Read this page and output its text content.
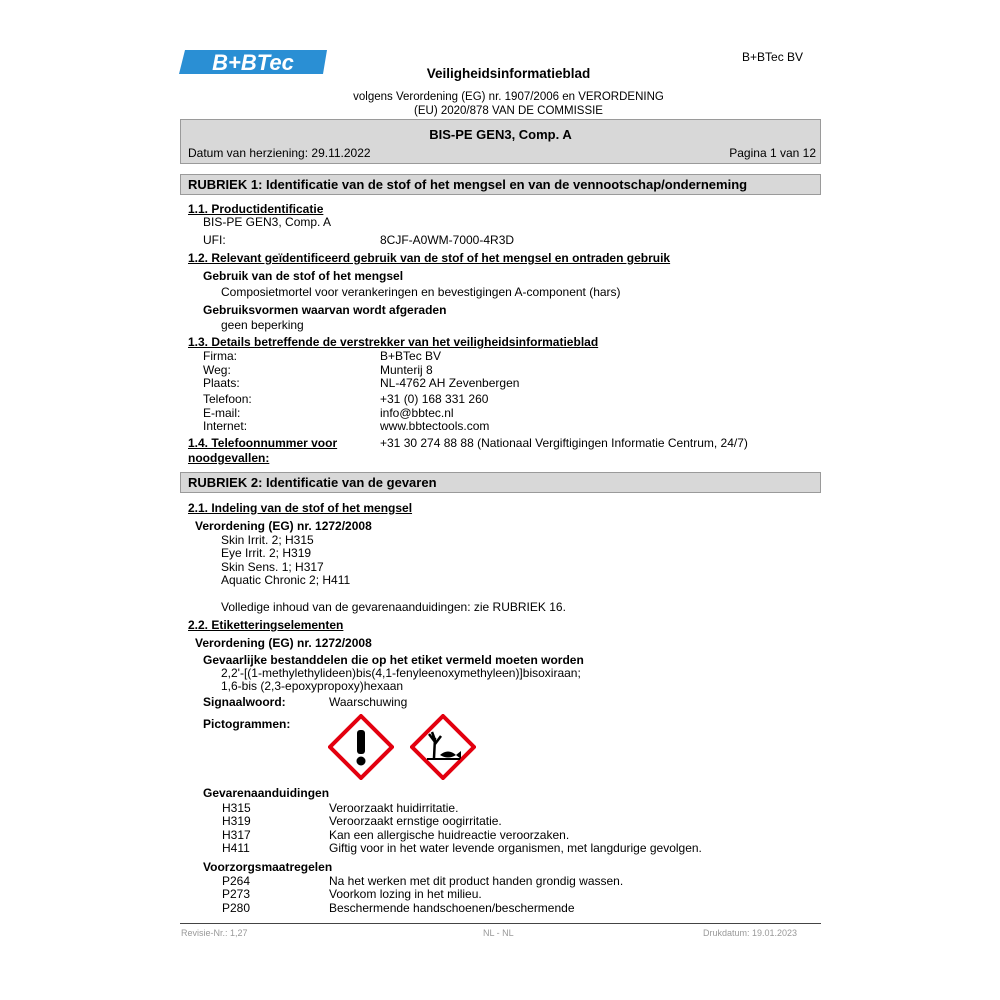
B+BTec	B+BTec BV
Veiligheidsinformatieblad
volgens Verordening (EG) nr. 1907/2006 en VERORDENING
(EU) 2020/878 VAN DE COMMISSIE
BIS-PE GEN3, Comp. A
Datum van herziening: 29.11.2022	Pagina 1 van 12
RUBRIEK 1: Identificatie van de stof of het mengsel en van de vennootschap/onderneming
1.1. Productidentificatie
BIS-PE GEN3, Comp. A
UFI:	8CJF-A0WM-7000-4R3D
1.2. Relevant geïdentificeerd gebruik van de stof of het mengsel en ontraden gebruik
Gebruik van de stof of het mengsel
Composietmortel voor verankeringen en bevestigingen A-component (hars)
Gebruiksvormen waarvan wordt afgeraden
geen beperking
1.3. Details betreffende de verstrekker van het veiligheidsinformatieblad
Firma:	B+BTec BV
Weg:	Munterij 8
Plaats:	NL-4762 AH Zevenbergen
Telefoon:	+31 (0) 168 331 260
E-mail:	info@bbtec.nl
Internet:	www.bbtectools.com
1.4. Telefoonnummer voor
noodgevallen:
+31 30 274 88 88 (Nationaal Vergiftigingen Informatie Centrum, 24/7)
RUBRIEK 2: Identificatie van de gevaren
2.1. Indeling van de stof of het mengsel
Verordening (EG) nr. 1272/2008
Skin Irrit. 2; H315
Eye Irrit. 2; H319
Skin Sens. 1; H317
Aquatic Chronic 2; H411
Volledige inhoud van de gevarenaanduidingen: zie RUBRIEK 16.
2.2. Etiketteringselementen
Verordening (EG) nr. 1272/2008
Gevaarlijke bestanddelen die op het etiket vermeld moeten worden
2,2'-[(1-methylethylideen)bis(4,1-fenyleenoxymethyleen)]bisoxiraan;
1,6-bis (2,3-epoxypropoxy)hexaan
Signaalwoord:	Waarschuwing
Pictogrammen:
Gevarenaanduidingen
H315	Veroorzaakt huidirritatie.
H319	Veroorzaakt ernstige oogirritatie.
H317	Kan een allergische huidreactie veroorzaken.
H411	Giftig voor in het water levende organismen, met langdurige gevolgen.
Voorzorgsmaatregelen
P264	Na het werken met dit product handen grondig wassen.
P273	Voorkom lozing in het milieu.
P280	Beschermende handschoenen/beschermende
Revisie-Nr.: 1,27	NL - NL	Drukdatum: 19.01.2023
